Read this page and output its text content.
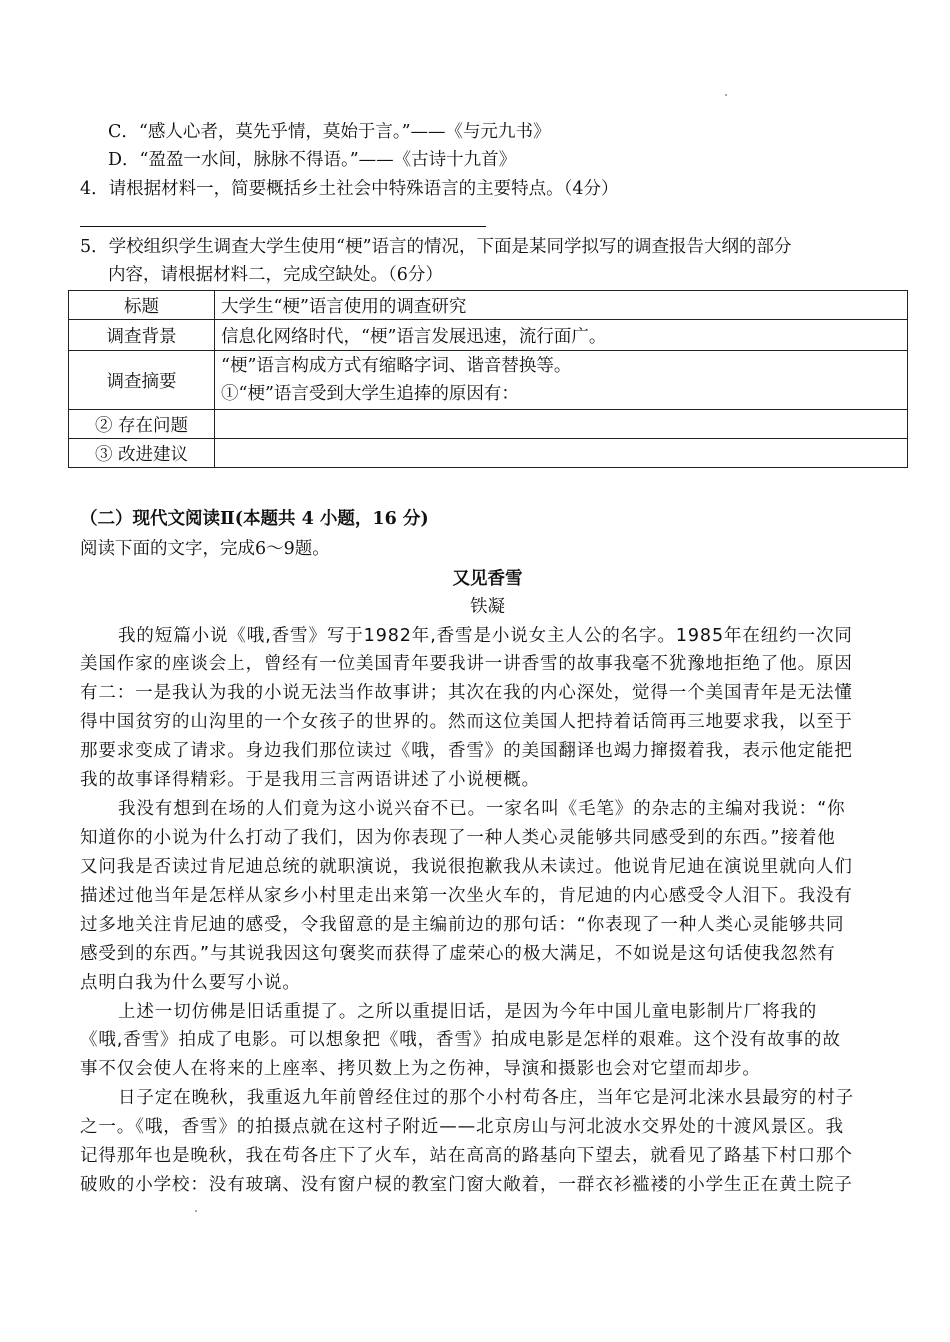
C．“感人心者，莫先乎情，莫始于言。”——《与元九书》
D．“盈盈一水间，脉脉不得语。”——《古诗十九首》
4．请根据材料一，简要概括乡土社会中特殊语言的主要特点。（4分）
5．学校组织学生调查大学生使用“梗”语言的情况，下面是某同学拟写的调查报告大纲的部分
内容，请根据材料二，完成空缺处。（6分）
标题	大学生“梗”语言使用的调查研究
调查背景	信息化网络时代，“梗”语言发展迅速，流行面广。
调查摘要	“梗”语言构成方式有缩略字词、谐音替换等。
①“梗”语言受到大学生追捧的原因有：

② 存在问题	
③ 改进建议	
（二）现代文阅读Ⅱ(本题共 4 小题，16 分)
阅读下面的文字，完成6～9题。
又见香雪
铁凝
我的短篇小说《哦,香雪》写于1982年,香雪是小说女主人公的名字。1985年在纽约一次同
美国作家的座谈会上，曾经有一位美国青年要我讲一讲香雪的故事我毫不犹豫地拒绝了他。原因
有二：一是我认为我的小说无法当作故事讲；其次在我的内心深处，觉得一个美国青年是无法懂
得中国贫穷的山沟里的一个女孩子的世界的。然而这位美国人把持着话筒再三地要求我，以至于
那要求变成了请求。身边我们那位读过《哦，香雪》的美国翻译也竭力撺掇着我，表示他定能把
我的故事译得精彩。于是我用三言两语讲述了小说梗概。
我没有想到在场的人们竟为这小说兴奋不已。一家名叫《毛笔》的杂志的主编对我说：“你
知道你的小说为什么打动了我们，因为你表现了一种人类心灵能够共同感受到的东西。”接着他
又问我是否读过肯尼迪总统的就职演说，我说很抱歉我从未读过。他说肯尼迪在演说里就向人们
描述过他当年是怎样从家乡小村里走出来第一次坐火车的，肯尼迪的内心感受令人泪下。我没有
过多地关注肯尼迪的感受，令我留意的是主编前边的那句话：“你表现了一种人类心灵能够共同
感受到的东西。”与其说我因这句褒奖而获得了虚荣心的极大满足，不如说是这句话使我忽然有
点明白我为什么要写小说。
上述一切仿佛是旧话重提了。之所以重提旧话，是因为今年中国儿童电影制片厂将我的
《哦,香雪》拍成了电影。可以想象把《哦，香雪》拍成电影是怎样的艰难。这个没有故事的故
事不仅会使人在将来的上座率、拷贝数上为之伤神，导演和摄影也会对它望而却步。
日子定在晚秋，我重返九年前曾经住过的那个小村苟各庄，当年它是河北涞水县最穷的村子
之一。《哦，香雪》的拍摄点就在这村子附近——北京房山与河北波水交界处的十渡风景区。我
记得那年也是晚秋，我在苟各庄下了火车，站在高高的路基向下望去，就看见了路基下村口那个
破败的小学校：没有玻璃、没有窗户棂的教室门窗大敞着，一群衣衫褴褛的小学生正在黄土院子
